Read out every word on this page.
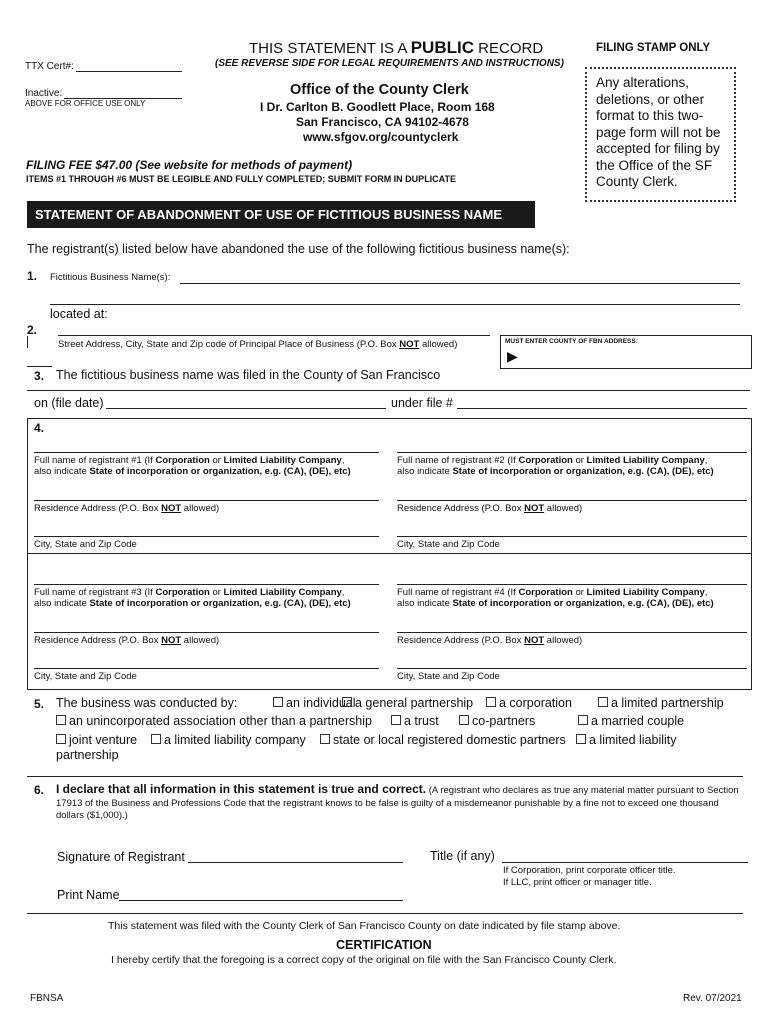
THIS STATEMENT IS A PUBLIC RECORD
(SEE REVERSE SIDE FOR LEGAL REQUIREMENTS AND INSTRUCTIONS)
TTX Cert#:
Inactive:
ABOVE FOR OFFICE USE ONLY
Office of the County Clerk
I Dr. Carlton B. Goodlett Place, Room 168
San Francisco, CA 94102-4678
www.sfgov.org/countyclerk
FILING FEE $47.00 (See website for methods of payment)
ITEMS #1 THROUGH #6 MUST BE LEGIBLE AND FULLY COMPLETED; SUBMIT FORM IN DUPLICATE
FILING STAMP ONLY
Any alterations, deletions, or other format to this two-page form will not be accepted for filing by the Office of the SF County Clerk.
STATEMENT OF ABANDONMENT OF USE OF FICTITIOUS BUSINESS NAME
The registrant(s) listed below have abandoned the use of the following fictitious business name(s):
1. Fictitious Business Name(s):
located at:
2.
Street Address, City, State and Zip code of Principal Place of Business (P.O. Box NOT allowed)	MUST ENTER COUNTY OF FBN ADDRESS:
▶
3. The fictitious business name was filed in the County of San Francisco
on (file date)	under file #
4.
Full name of registrant #1 (If Corporation or Limited Liability Company,
also indicate State of incorporation or organization, e.g. (CA), (DE), etc)
Residence Address (P.O. Box NOT allowed)
City, State and Zip Code
Full name of registrant #2 (If Corporation or Limited Liability Company,
also indicate State of incorporation or organization, e.g. (CA), (DE), etc)
Residence Address (P.O. Box NOT allowed)
City, State and Zip Code
Full name of registrant #3 (If Corporation or Limited Liability Company,
also indicate State of incorporation or organization, e.g. (CA), (DE), etc)
Residence Address (P.O. Box NOT allowed)
City, State and Zip Code
Full name of registrant #4 (If Corporation or Limited Liability Company,
also indicate State of incorporation or organization, e.g. (CA), (DE), etc)
Residence Address (P.O. Box NOT allowed)
City, State and Zip Code
5. The business was conducted by:	an individual a general partnership	a corporation	a limited partnership
an unincorporated association other than a partnership	a trust	co-partners	a married couple
joint venture	a limited liability company	state or local registered domestic partners	a limited liability
partnership
6. I declare that all information in this statement is true and correct. (A registrant who declares as true any material matter pursuant to Section 17913 of the Business and Professions Code that the registrant knows to be false is guilty of a misdemeanor punishable by a fine not to exceed one thousand dollars ($1,000).)
Signature of Registrant	Title (if any)
If Corporation, print corporate officer title.
If LLC, print officer or manager title.
Print Name
This statement was filed with the County Clerk of San Francisco County on date indicated by file stamp above.
CERTIFICATION
I hereby certify that the foregoing is a correct copy of the original on file with the San Francisco County Clerk.
FBNSA	Rev. 07/2021
